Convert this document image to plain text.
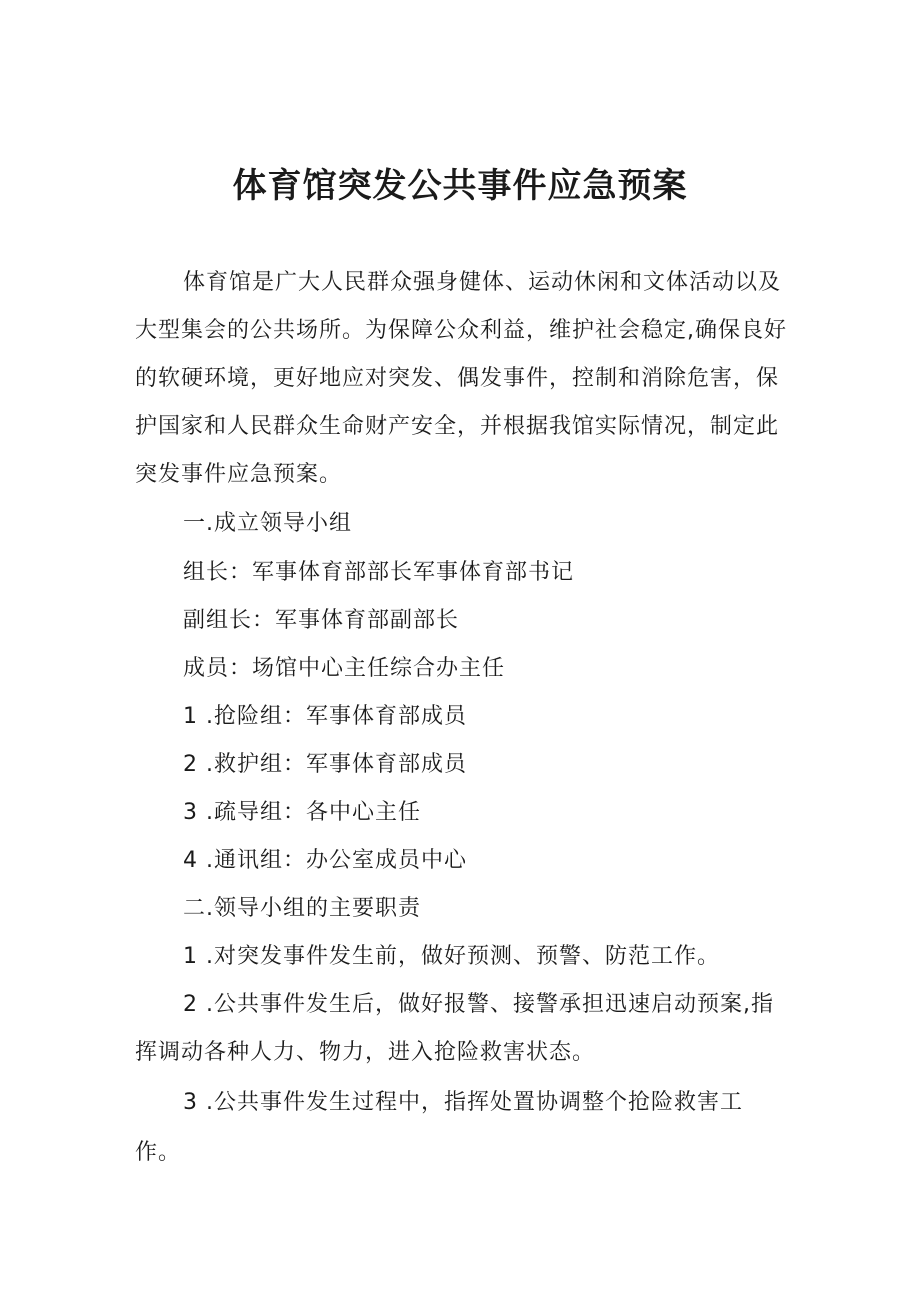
体育馆突发公共事件应急预案
体育馆是广大人民群众强身健体、运动休闲和文体活动以及
大型集会的公共场所。为保障公众利益，维护社会稳定,确保良好
的软硬环境，更好地应对突发、偶发事件，控制和消除危害，保
护国家和人民群众生命财产安全，并根据我馆实际情况，制定此
突发事件应急预案。
一.成立领导小组
组长：军事体育部部长军事体育部书记
副组长：军事体育部副部长
成员：场馆中心主任综合办主任
1 .抢险组：军事体育部成员
2 .救护组：军事体育部成员
3 .疏导组：各中心主任
4 .通讯组：办公室成员中心
二.领导小组的主要职责
1 .对突发事件发生前，做好预测、预警、防范工作。
2 .公共事件发生后，做好报警、接警承担迅速启动预案,指
挥调动各种人力、物力，进入抢险救害状态。
3 .公共事件发生过程中，指挥处置协调整个抢险救害工
作。
